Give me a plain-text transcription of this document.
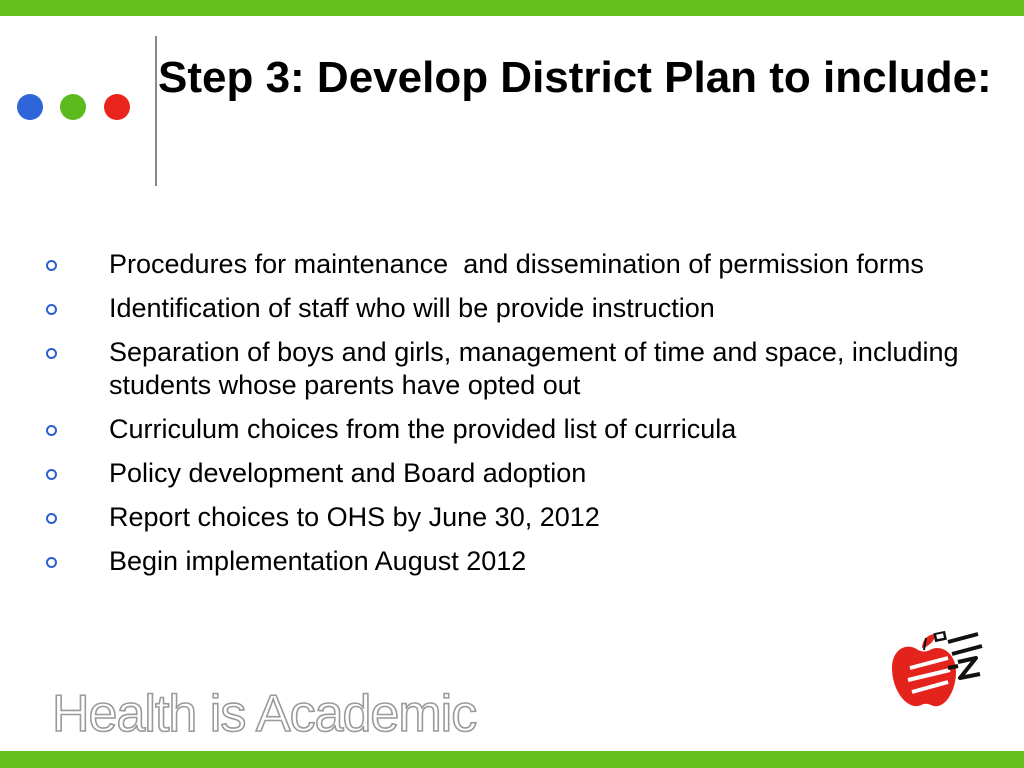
Step 3: Develop District Plan to include:
Procedures for maintenance  and dissemination of permission forms
Identification of staff who will be provide instruction
Separation of boys and girls, management of time and space, including students whose parents have opted out
Curriculum choices from the provided list of curricula
Policy development and Board adoption
Report choices to OHS by June 30, 2012
Begin implementation August 2012
Health is Academic
